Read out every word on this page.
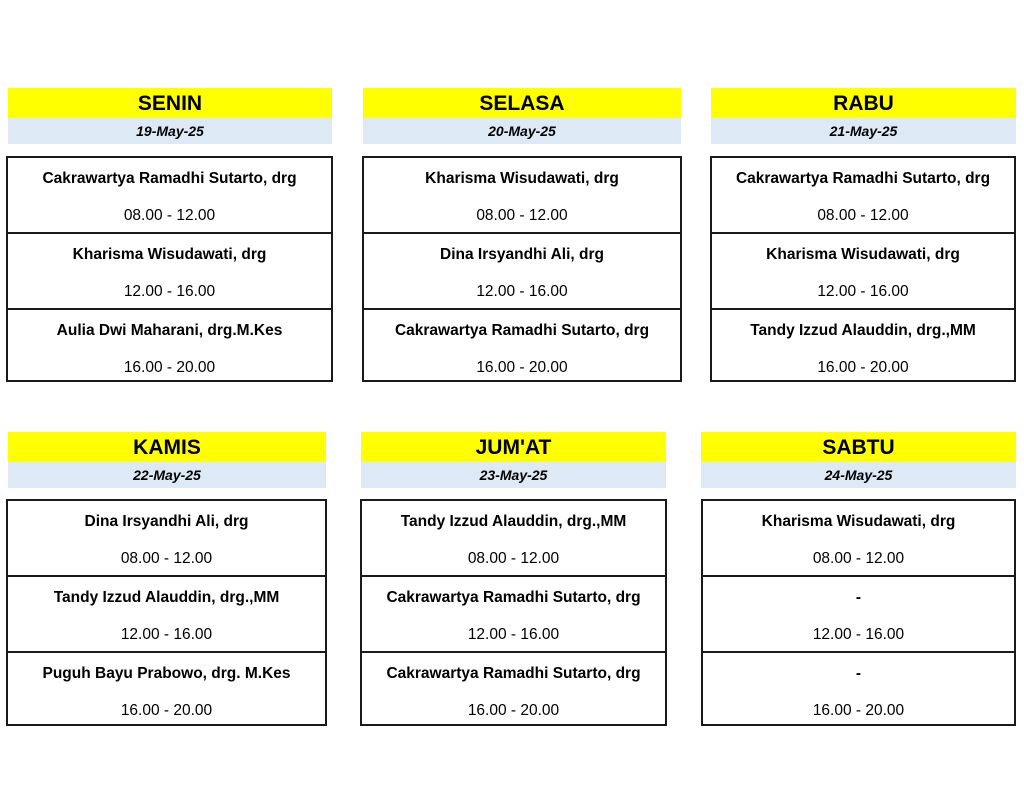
SENIN
19-May-25
Cakrawartya Ramadhi Sutarto, drg
08.00 - 12.00
Kharisma Wisudawati, drg
12.00 - 16.00
Aulia Dwi Maharani, drg.M.Kes
16.00 - 20.00
SELASA
20-May-25
Kharisma Wisudawati, drg
08.00 - 12.00
Dina Irsyandhi Ali, drg
12.00 - 16.00
Cakrawartya Ramadhi Sutarto, drg
16.00 - 20.00
RABU
21-May-25
Cakrawartya Ramadhi Sutarto, drg
08.00 - 12.00
Kharisma Wisudawati, drg
12.00 - 16.00
Tandy Izzud Alauddin, drg.,MM
16.00 - 20.00
KAMIS
22-May-25
Dina Irsyandhi Ali, drg
08.00 - 12.00
Tandy Izzud Alauddin, drg.,MM
12.00 - 16.00
Puguh Bayu Prabowo, drg. M.Kes
16.00 - 20.00
JUM'AT
23-May-25
Tandy Izzud Alauddin, drg.,MM
08.00 - 12.00
Cakrawartya Ramadhi Sutarto, drg
12.00 - 16.00
Cakrawartya Ramadhi Sutarto, drg
16.00 - 20.00
SABTU
24-May-25
Kharisma Wisudawati, drg
08.00 - 12.00
-
12.00 - 16.00
-
16.00 - 20.00
